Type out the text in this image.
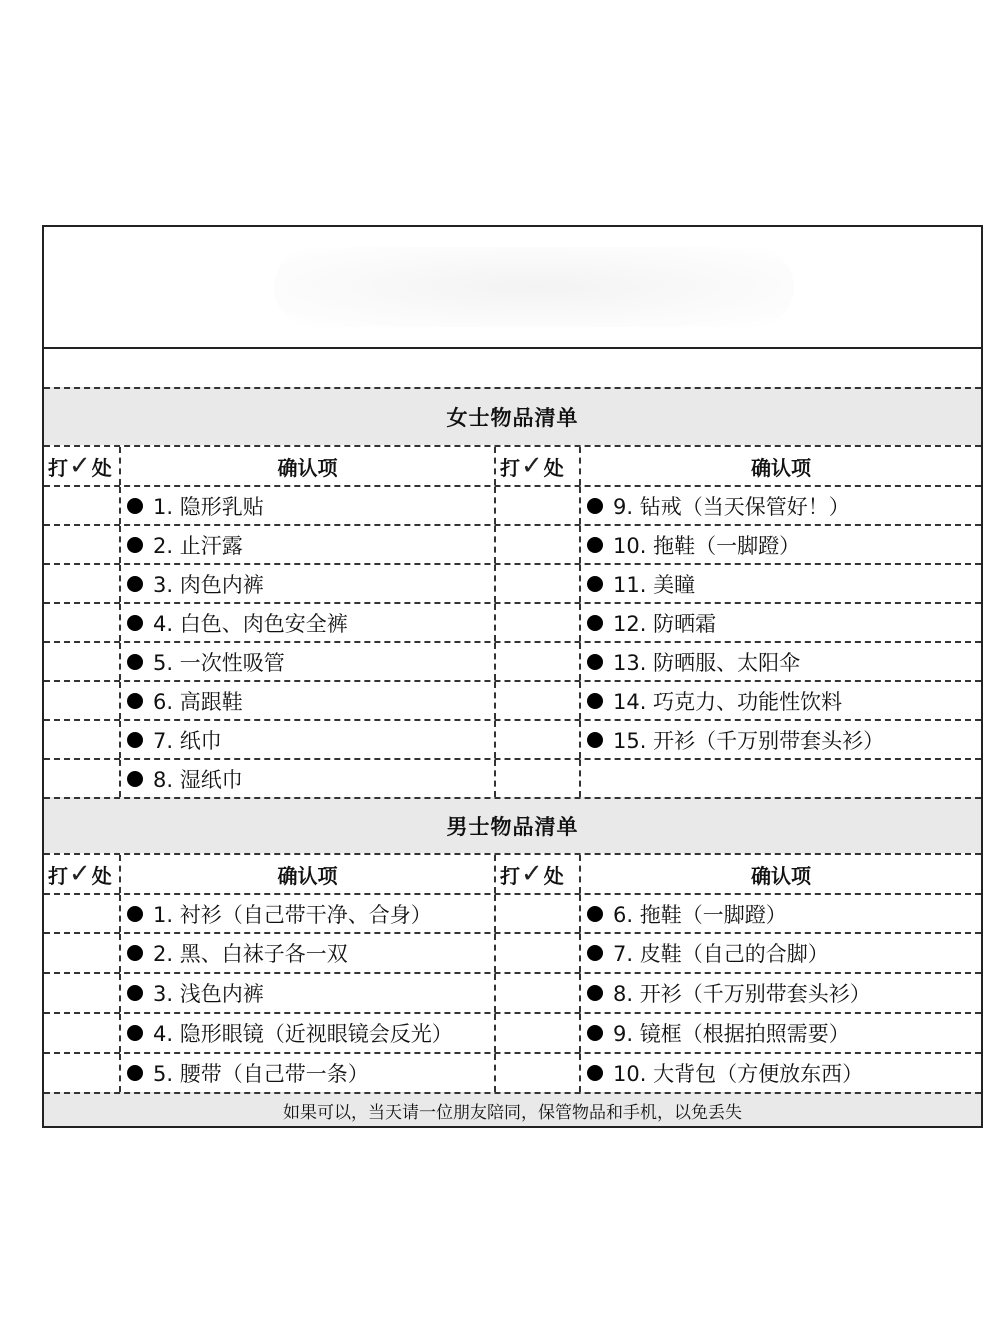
女士物品清单
打 ✓ 处	确认项	打 ✓ 处	确认项
1. 隐形乳贴	9. 钻戒（当天保管好！）
2. 止汗露	10. 拖鞋（一脚蹬）
3. 肉色内裤	11. 美瞳
4. 白色、肉色安全裤	12. 防晒霜
5. 一次性吸管	13. 防晒服、太阳伞
6. 高跟鞋	14. 巧克力、功能性饮料
7. 纸巾	15. 开衫（千万别带套头衫）
8. 湿纸巾
男士物品清单
打 ✓ 处	确认项	打 ✓ 处	确认项
1. 衬衫（自己带干净、合身）	6. 拖鞋（一脚蹬）
2. 黑、白袜子各一双	7. 皮鞋（自己的合脚）
3. 浅色内裤	8. 开衫（千万别带套头衫）
4. 隐形眼镜（近视眼镜会反光）	9. 镜框（根据拍照需要）
5. 腰带（自己带一条）	10. 大背包（方便放东西）
如果可以，当天请一位朋友陪同，保管物品和手机，以免丢失
